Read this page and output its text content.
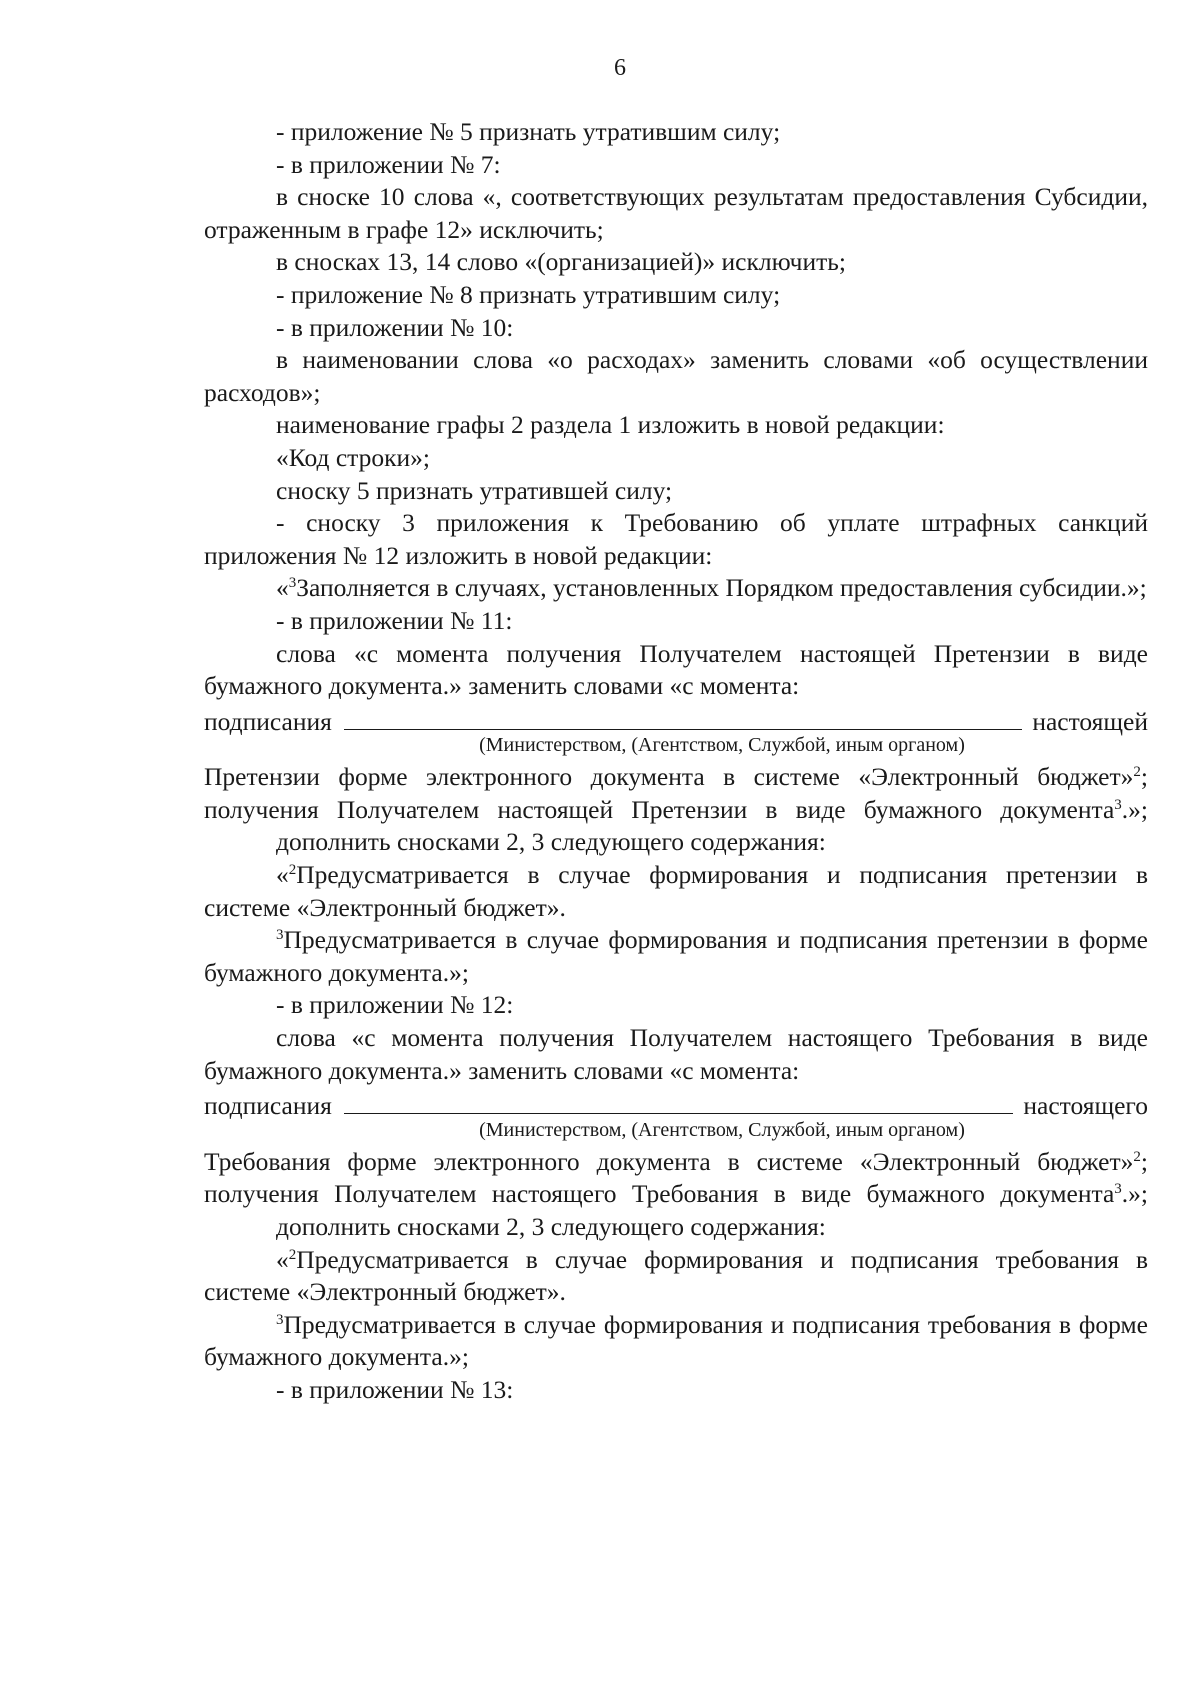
6

- приложение № 5 признать утратившим силу;

- в приложении № 7:

в сноске 10 слова «, соответствующих результатам предоставления Субсидии, отраженным в графе 12» исключить;

в сносках 13, 14 слово «(организацией)» исключить;

- приложение № 8 признать утратившим силу;

- в приложении № 10:

в наименовании слова «о расходах» заменить словами «об осуществлении расходов»;

наименование графы 2 раздела 1 изложить в новой редакции:

«Код строки»;

сноску 5 признать утратившей силу;

- сноску 3 приложения к Требованию об уплате штрафных санкций приложения № 12 изложить в новой редакции:

«$^3$Заполняется в случаях, установленных Порядком предоставления субсидии.»;

- в приложении № 11:

слова «с момента получения Получателем настоящей Претензии в виде бумажного документа.» заменить словами «с момента:

подписания	настоящей

(Министерством, (Агентством, Службой, иным органом)

Претензии форме электронного документа в системе «Электронный бюджет»$^2$;

получения Получателем настоящей Претензии в виде бумажного документа$^3$.»;

дополнить сносками 2, 3 следующего содержания:

«$^2$Предусматривается в случае формирования и подписания претензии в системе «Электронный бюджет».

$^3$Предусматривается в случае формирования и подписания претензии в форме бумажного документа.»;

- в приложении № 12:

слова «с момента получения Получателем настоящего Требования в виде бумажного документа.» заменить словами «с момента:

подписания	настоящего

(Министерством, (Агентством, Службой, иным органом)

Требования форме электронного документа в системе «Электронный бюджет»$^2$;

получения Получателем настоящего Требования в виде бумажного документа$^3$.»;

дополнить сносками 2, 3 следующего содержания:

«$^2$Предусматривается в случае формирования и подписания требования в системе «Электронный бюджет».

$^3$Предусматривается в случае формирования и подписания требования в форме бумажного документа.»;

- в приложении № 13:
